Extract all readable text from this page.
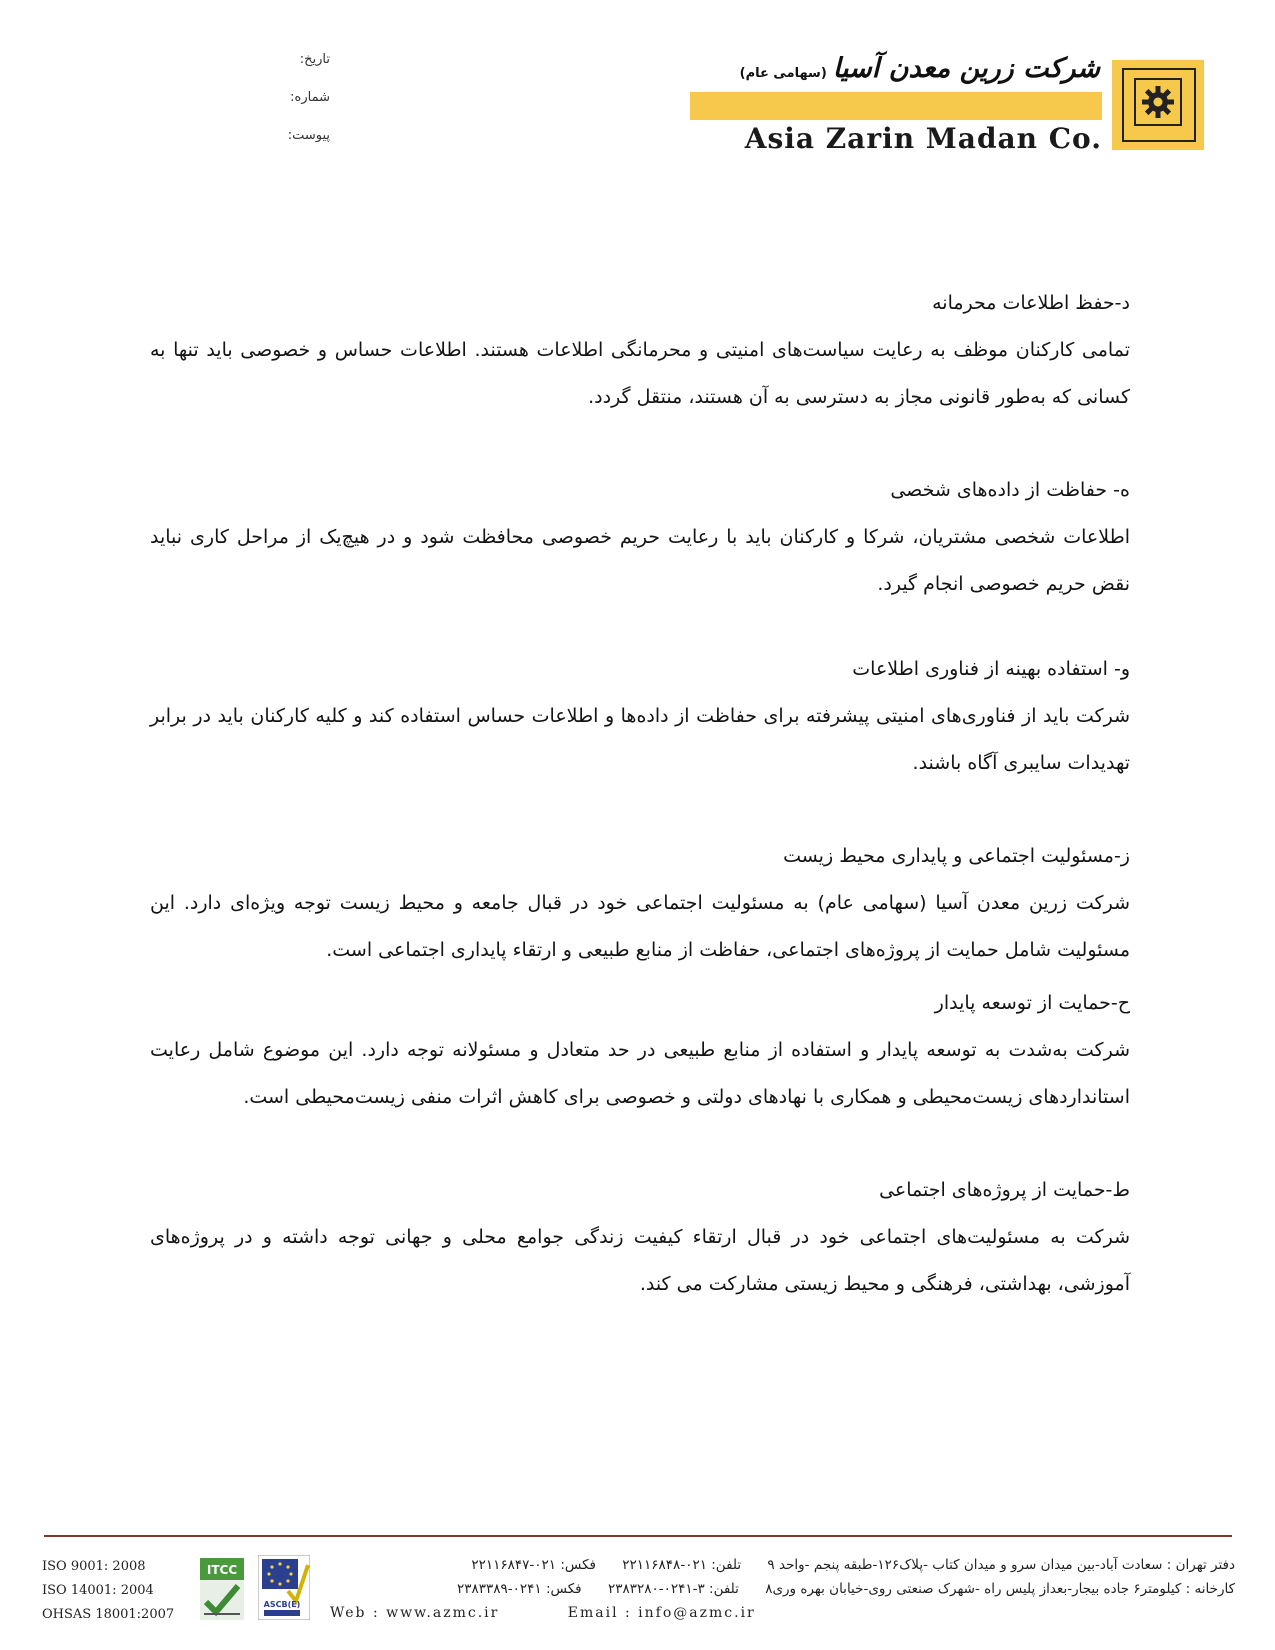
تاریخ:
شماره:
پیوست:
شرکت زرین معدن آسیا(سهامی عام)
Asia Zarin Madan Co.
د-حفظ اطلاعات محرمانه

تمامی کارکنان موظف به رعایت سیاست‌های امنیتی و محرمانگی اطلاعات هستند. اطلاعات حساس و خصوصی باید تنها به کسانی که به‌طور قانونی مجاز به دسترسی به آن هستند، منتقل گردد.

ه- حفاظت از داده‌های شخصی

اطلاعات شخصی مشتریان، شرکا و کارکنان باید با رعایت حریم خصوصی محافظت شود و در هیچ‌یک از مراحل کاری نباید نقض حریم خصوصی انجام گیرد.

و- استفاده بهینه از فناوری اطلاعات

شرکت باید از فناوری‌های امنیتی پیشرفته برای حفاظت از داده‌ها و اطلاعات حساس استفاده کند و کلیه کارکنان باید در برابر تهدیدات سایبری آگاه باشند.

ز-مسئولیت اجتماعی و پایداری محیط زیست

شرکت زرین معدن آسیا (سهامی عام) به مسئولیت اجتماعی خود در قبال جامعه و محیط زیست توجه ویژه‌ای دارد. این مسئولیت شامل حمایت از پروژه‌های اجتماعی، حفاظت از منابع طبیعی و ارتقاء پایداری اجتماعی است.

ح-حمایت از توسعه پایدار

شرکت به‌شدت به توسعه پایدار و استفاده از منابع طبیعی در حد متعادل و مسئولانه توجه دارد. این موضوع شامل رعایت استانداردهای زیست‌محیطی و همکاری با نهادهای دولتی و خصوصی برای کاهش اثرات منفی زیست‌محیطی است.

ط-حمایت از پروژه‌های اجتماعی

شرکت به مسئولیت‌های اجتماعی خود در قبال ارتقاء کیفیت زندگی جوامع محلی و جهانی توجه داشته و در پروژه‌های آموزشی، بهداشتی، فرهنگی و محیط زیستی مشارکت می کند.

ISO 9001: 2008
ISO 14001: 2004
OHSAS 18001:2007
ITCC
ASCB(E)
دفتر تهران : سعادت آباد-بین میدان سرو و میدان کتاب -پلاک۱۲۶-طبقه پنجم -واحد ۹ تلفن: ۰۲۱-۲۲۱۱۶۸۴۸ فکس: ۰۲۱-۲۲۱۱۶۸۴۷
کارخانه : کیلومتر۶ جاده بیجار-بعداز پلیس راه -شهرک صنعتی روی-خیابان بهره وری۸ تلفن: ۳-۰۲۴۱-۲۳۸۳۲۸۰ فکس: ۰۲۴۱-۲۳۸۳۳۸۹
Web : www.azmc.ir	Email : info@azmc.ir
